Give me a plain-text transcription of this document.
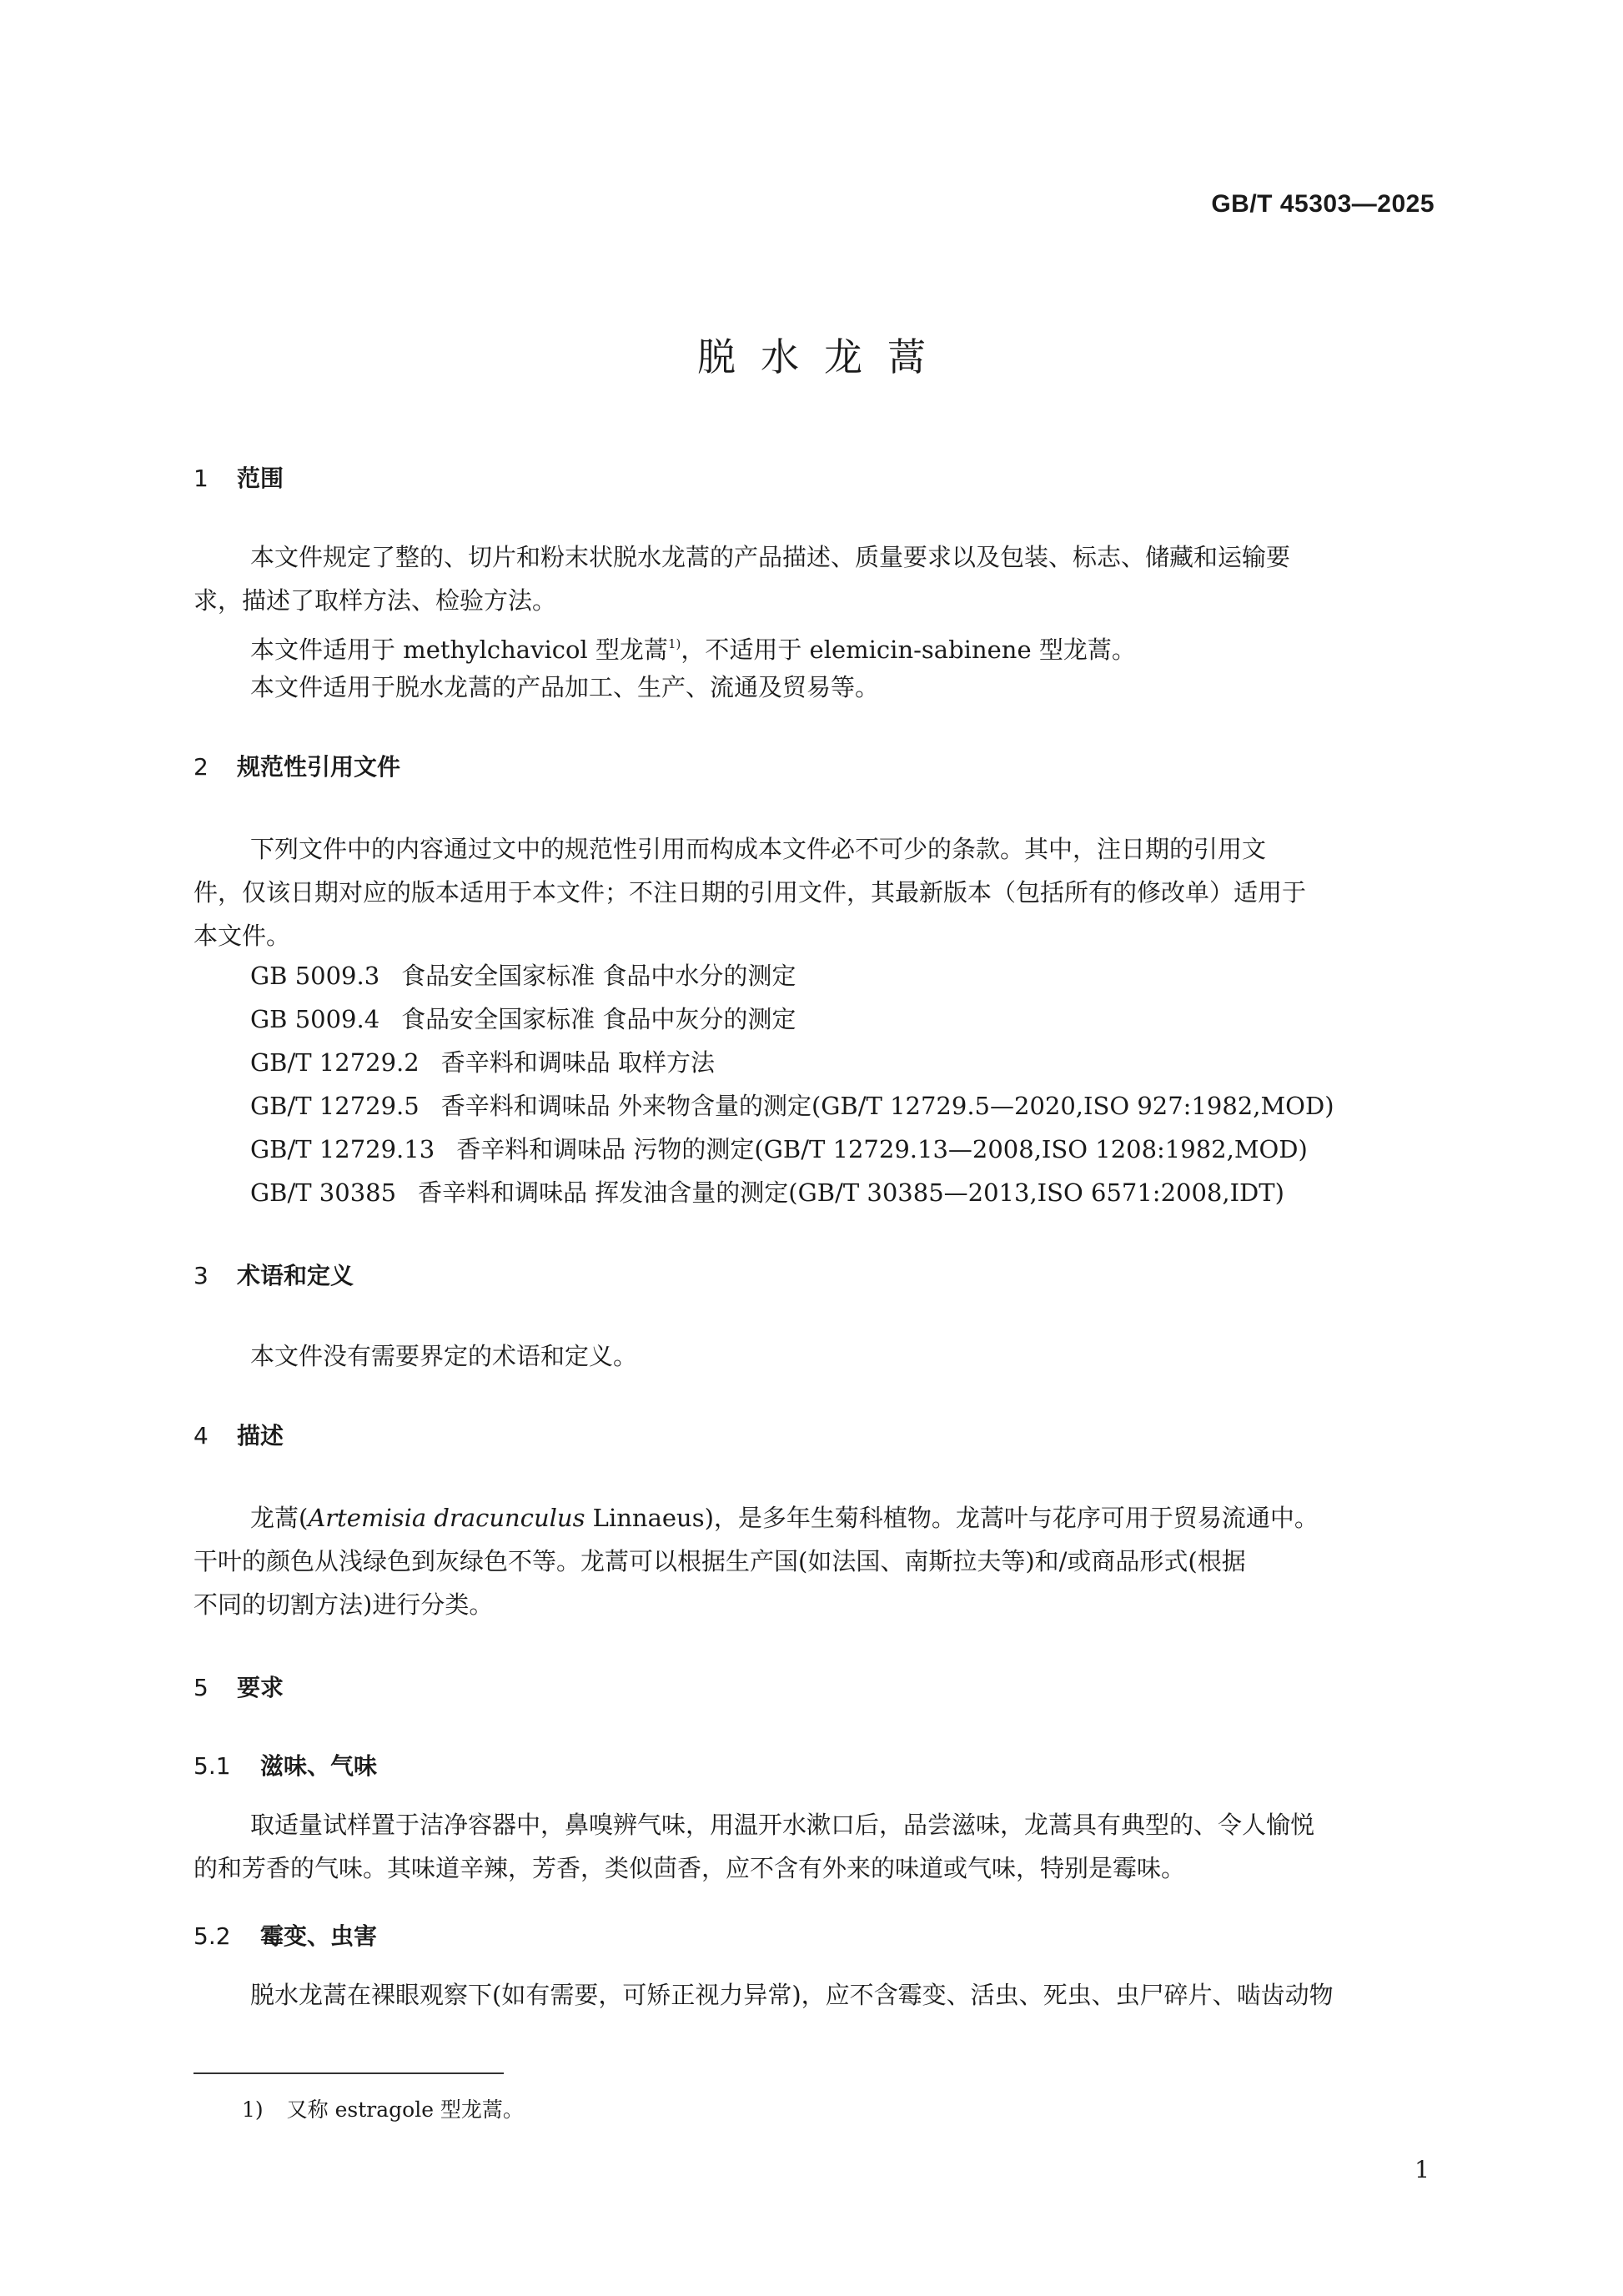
GB/T 45303—2025
脱水龙蒿
1 范围
本文件规定了整的、切片和粉末状脱水龙蒿的产品描述、质量要求以及包装、标志、储藏和运输要
求，描述了取样方法、检验方法。
本文件适用于 methylchavicol 型龙蒿$^{1)}$，不适用于 elemicin-sabinene 型龙蒿。
本文件适用于脱水龙蒿的产品加工、生产、流通及贸易等。
2 规范性引用文件
下列文件中的内容通过文中的规范性引用而构成本文件必不可少的条款。其中，注日期的引用文
件，仅该日期对应的版本适用于本文件；不注日期的引用文件，其最新版本（包括所有的修改单）适用于
本文件。
GB 5009.3 食品安全国家标准 食品中水分的测定
GB 5009.4 食品安全国家标准 食品中灰分的测定
GB/T 12729.2 香辛料和调味品 取样方法
GB/T 12729.5 香辛料和调味品 外来物含量的测定(GB/T 12729.5—2020,ISO 927:1982,MOD)
GB/T 12729.13 香辛料和调味品 污物的测定(GB/T 12729.13—2008,ISO 1208:1982,MOD)
GB/T 30385 香辛料和调味品 挥发油含量的测定(GB/T 30385—2013,ISO 6571:2008,IDT)
3 术语和定义
本文件没有需要界定的术语和定义。
4 描述
龙蒿(Artemisia dracunculus Linnaeus)，是多年生菊科植物。龙蒿叶与花序可用于贸易流通中。
干叶的颜色从浅绿色到灰绿色不等。龙蒿可以根据生产国(如法国、南斯拉夫等)和/或商品形式(根据
不同的切割方法)进行分类。
5 要求
5.1 滋味、气味
取适量试样置于洁净容器中，鼻嗅辨气味，用温开水漱口后，品尝滋味，龙蒿具有典型的、令人愉悦
的和芳香的气味。其味道辛辣，芳香，类似茴香，应不含有外来的味道或气味，特别是霉味。
5.2 霉变、虫害
脱水龙蒿在裸眼观察下(如有需要，可矫正视力异常)，应不含霉变、活虫、死虫、虫尸碎片、啮齿动物
1) 又称 estragole 型龙蒿。
1
